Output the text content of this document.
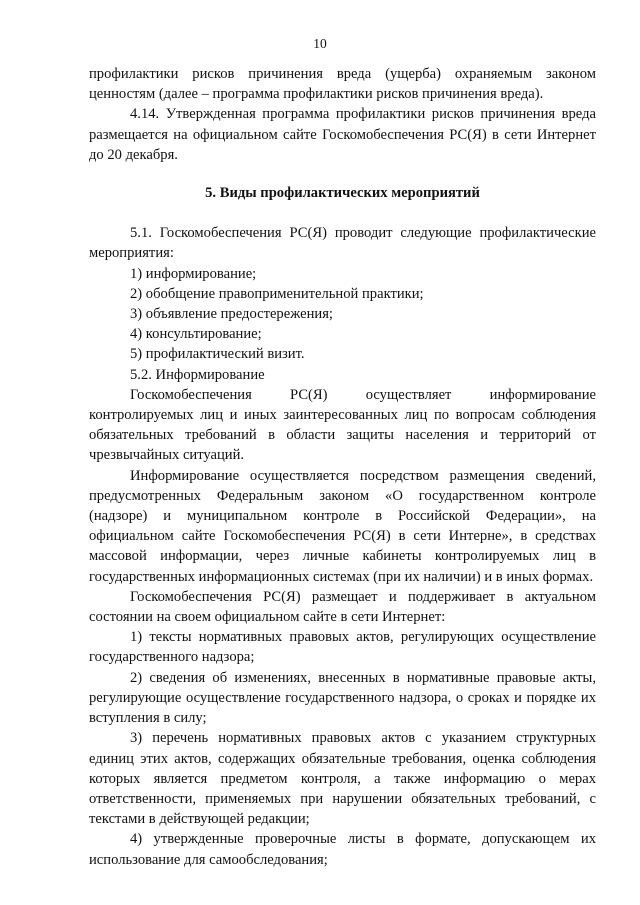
10

профилактики рисков причинения вреда (ущерба) охраняемым законом ценностям (далее – программа профилактики рисков причинения вреда).

4.14. Утвержденная программа профилактики рисков причинения вреда размещается на официальном сайте Госкомобеспечения РС(Я) в сети Интернет до 20 декабря.

5. Виды профилактических мероприятий

5.1. Госкомобеспечения РС(Я) проводит следующие профилактические мероприятия:

1) информирование;

2) обобщение правоприменительной практики;

3) объявление предостережения;

4) консультирование;

5) профилактический визит.

5.2. Информирование

Госкомобеспечения РС(Я) осуществляет информирование контролируемых лиц и иных заинтересованных лиц по вопросам соблюдения обязательных требований в области защиты населения и территорий от чрезвычайных ситуаций.

Информирование осуществляется посредством размещения сведений, предусмотренных Федеральным законом «О государственном контроле (надзоре) и муниципальном контроле в Российской Федерации», на официальном сайте Госкомобеспечения РС(Я) в сети Интерне», в средствах массовой информации, через личные кабинеты контролируемых лиц в государственных информационных системах (при их наличии) и в иных формах.

Госкомобеспечения РС(Я) размещает и поддерживает в актуальном состоянии на своем официальном сайте в сети Интернет:

1) тексты нормативных правовых актов, регулирующих осуществление государственного надзора;

2) сведения об изменениях, внесенных в нормативные правовые акты, регулирующие осуществление государственного надзора, о сроках и порядке их вступления в силу;

3) перечень нормативных правовых актов с указанием структурных единиц этих актов, содержащих обязательные требования, оценка соблюдения которых является предметом контроля, а также информацию о мерах ответственности, применяемых при нарушении обязательных требований, с текстами в действующей редакции;

4) утвержденные проверочные листы в формате, допускающем их использование для самообследования;
